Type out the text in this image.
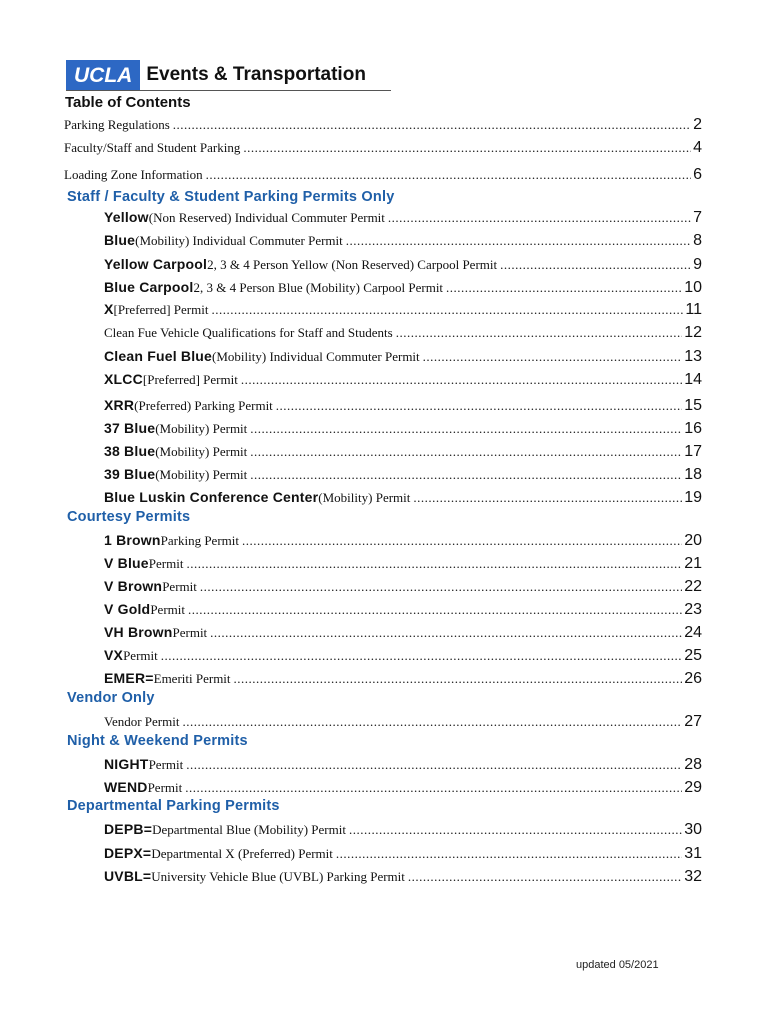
UCLA Events & Transportation
Table of Contents
Parking Regulations .....	2
Faculty/Staff and Student Parking .....	4
Loading Zone Information .....	6
Staff / Faculty & Student Parking Permits Only
Yellow (Non Reserved) Individual Commuter Permit .....	7
Blue (Mobility) Individual Commuter Permit .....	8
Yellow Carpool 2, 3 & 4 Person Yellow (Non Reserved) Carpool Permit .....	9
Blue Carpool 2, 3 & 4 Person Blue (Mobility) Carpool Permit .....	10
X [Preferred] Permit .....	11
Clean Fue Vehicle Qualifications for Staff and Students .....	12
Clean Fuel Blue (Mobility) Individual Commuter Permit .....	13
XLCC [Preferred] Permit .....	14
XRR (Preferred) Parking Permit .....	15
37 Blue (Mobility) Permit .....	16
38 Blue (Mobility) Permit .....	17
39 Blue (Mobility) Permit .....	18
Blue Luskin Conference Center (Mobility) Permit .....	19
Courtesy Permits
1 Brown Parking Permit .....	20
V Blue Permit .....	21
V Brown Permit .....	22
V Gold Permit .....	23
VH Brown Permit .....	24
VX Permit .....	25
EMER= Emeriti Permit .....	26
Vendor Only
Vendor Permit .....	27
Night & Weekend Permits
NIGHT Permit .....	28
WEND Permit .....	29
Departmental Parking Permits
DEPB= Departmental Blue (Mobility) Permit .....	30
DEPX= Departmental X (Preferred) Permit .....	31
UVBL= University Vehicle Blue (UVBL) Parking Permit .....	32
updated 05/2021
